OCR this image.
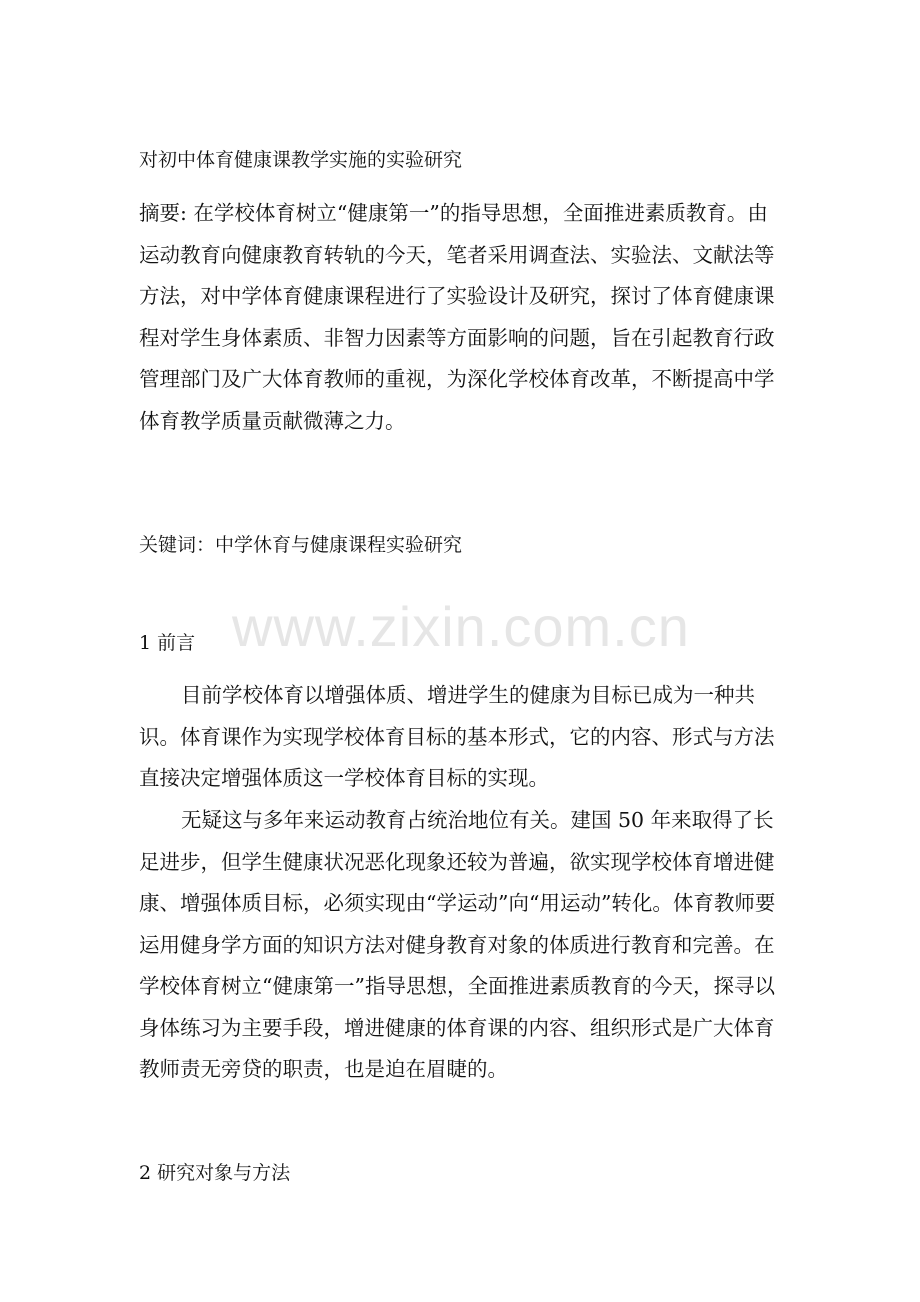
对初中体育健康课教学实施的实验研究
摘要: 在学校体育树立“健康第一”的指导思想，全面推进素质教育。由运动教育向健康教育转轨的今天，笔者采用调查法、实验法、文献法等方法，对中学体育健康课程进行了实验设计及研究，探讨了体育健康课程对学生身体素质、非智力因素等方面影响的问题，旨在引起教育行政管理部门及广大体育教师的重视，为深化学校体育改革，不断提高中学体育教学质量贡献微薄之力。
关键词：中学休育与健康课程实验研究
1 前言
目前学校体育以增强体质、增进学生的健康为目标已成为一种共识。体育课作为实现学校体育目标的基本形式，它的内容、形式与方法直接决定增强体质这一学校体育目标的实现。
无疑这与多年来运动教育占统治地位有关。建国 50 年来取得了长足进步，但学生健康状况恶化现象还较为普遍，欲实现学校体育增进健康、增强体质目标，必须实现由“学运动”向“用运动”转化。体育教师要运用健身学方面的知识方法对健身教育对象的体质进行教育和完善。在学校体育树立“健康第一”指导思想，全面推进素质教育的今天，探寻以身体练习为主要手段，增进健康的体育课的内容、组织形式是广大体育教师责无旁贷的职责，也是迫在眉睫的。
2 研究对象与方法
www.zixin.com.cn
